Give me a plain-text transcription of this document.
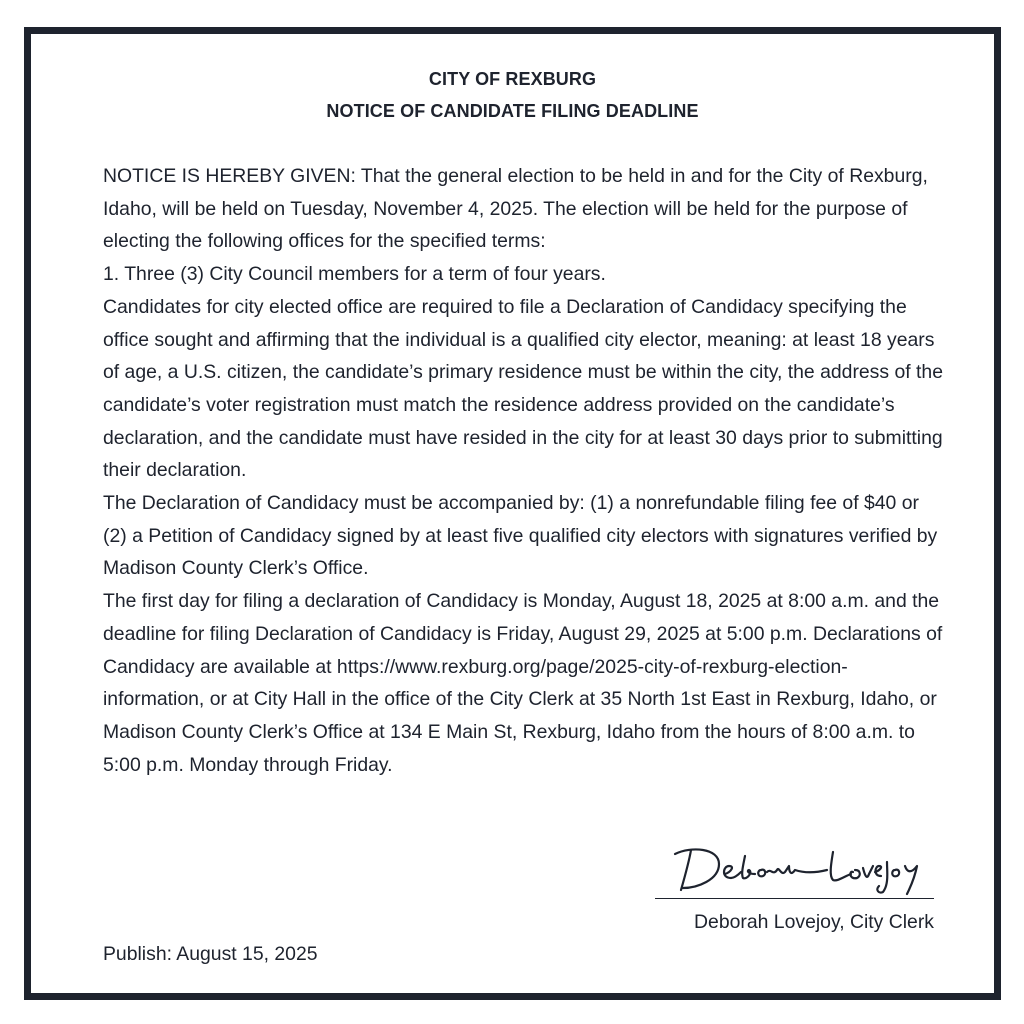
CITY OF REXBURG
NOTICE OF CANDIDATE FILING DEADLINE

NOTICE IS HEREBY GIVEN: That the general election to be held in and for the City of Rexburg, Idaho, will be held on Tuesday, November 4, 2025. The election will be held for the purpose of electing the following offices for the specified terms:

1. Three (3) City Council members for a term of four years.

Candidates for city elected office are required to file a Declaration of Candidacy specifying the office sought and affirming that the individual is a qualified city elector, meaning: at least 18 years of age, a U.S. citizen, the candidate’s primary residence must be within the city, the address of the candidate’s voter registration must match the residence address provided on the candidate’s declaration, and the candidate must have resided in the city for at least 30 days prior to submitting their declaration.

The Declaration of Candidacy must be accompanied by: (1) a nonrefundable filing fee of $40 or (2) a Petition of Candidacy signed by at least five qualified city electors with signatures verified by Madison County Clerk’s Office.

The first day for filing a declaration of Candidacy is Monday, August 18, 2025 at 8:00 a.m. and the deadline for filing Declaration of Candidacy is Friday, August 29, 2025 at 5:00 p.m. Declarations of Candidacy are available at https://www.rexburg.org/page/2025-city-of-rexburg-election-information, or at City Hall in the office of the City Clerk at 35 North 1st East in Rexburg, Idaho, or Madison County Clerk’s Office at 134 E Main St, Rexburg, Idaho from the hours of 8:00 a.m. to 5:00 p.m. Monday through Friday.

Deborah Lovejoy, City Clerk
Publish: August 15, 2025
